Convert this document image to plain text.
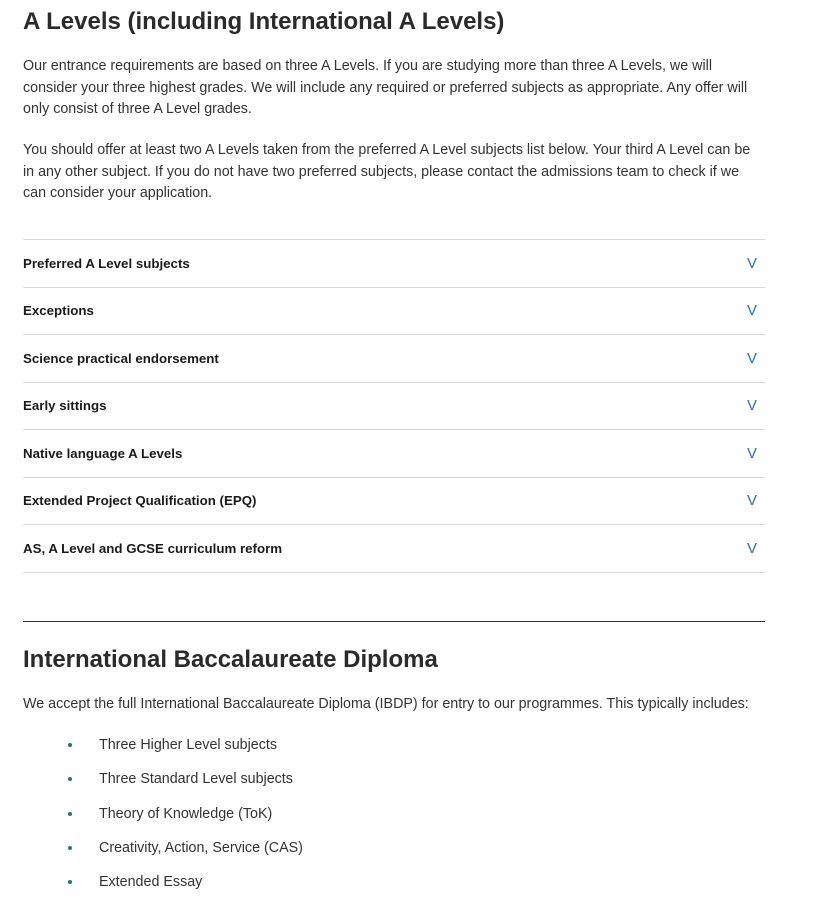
A Levels (including International A Levels)

Our entrance requirements are based on three A Levels. If you are studying more than three A Levels, we will consider your three highest grades. We will include any required or preferred subjects as appropriate. Any offer will only consist of three A Level grades.

You should offer at least two A Levels taken from the preferred A Level subjects list below. Your third A Level can be in any other subject. If you do not have two preferred subjects, please contact the admissions team to check if we can consider your application.

Preferred A Level subjects	V
Exceptions	V
Science practical endorsement	V
Early sittings	V
Native language A Levels	V
Extended Project Qualification (EPQ)	V
AS, A Level and GCSE curriculum reform	V
International Baccalaureate Diploma

We accept the full International Baccalaureate Diploma (IBDP) for entry to our programmes. This typically includes:

Three Higher Level subjects
Three Standard Level subjects
Theory of Knowledge (ToK)
Creativity, Action, Service (CAS)
Extended Essay
